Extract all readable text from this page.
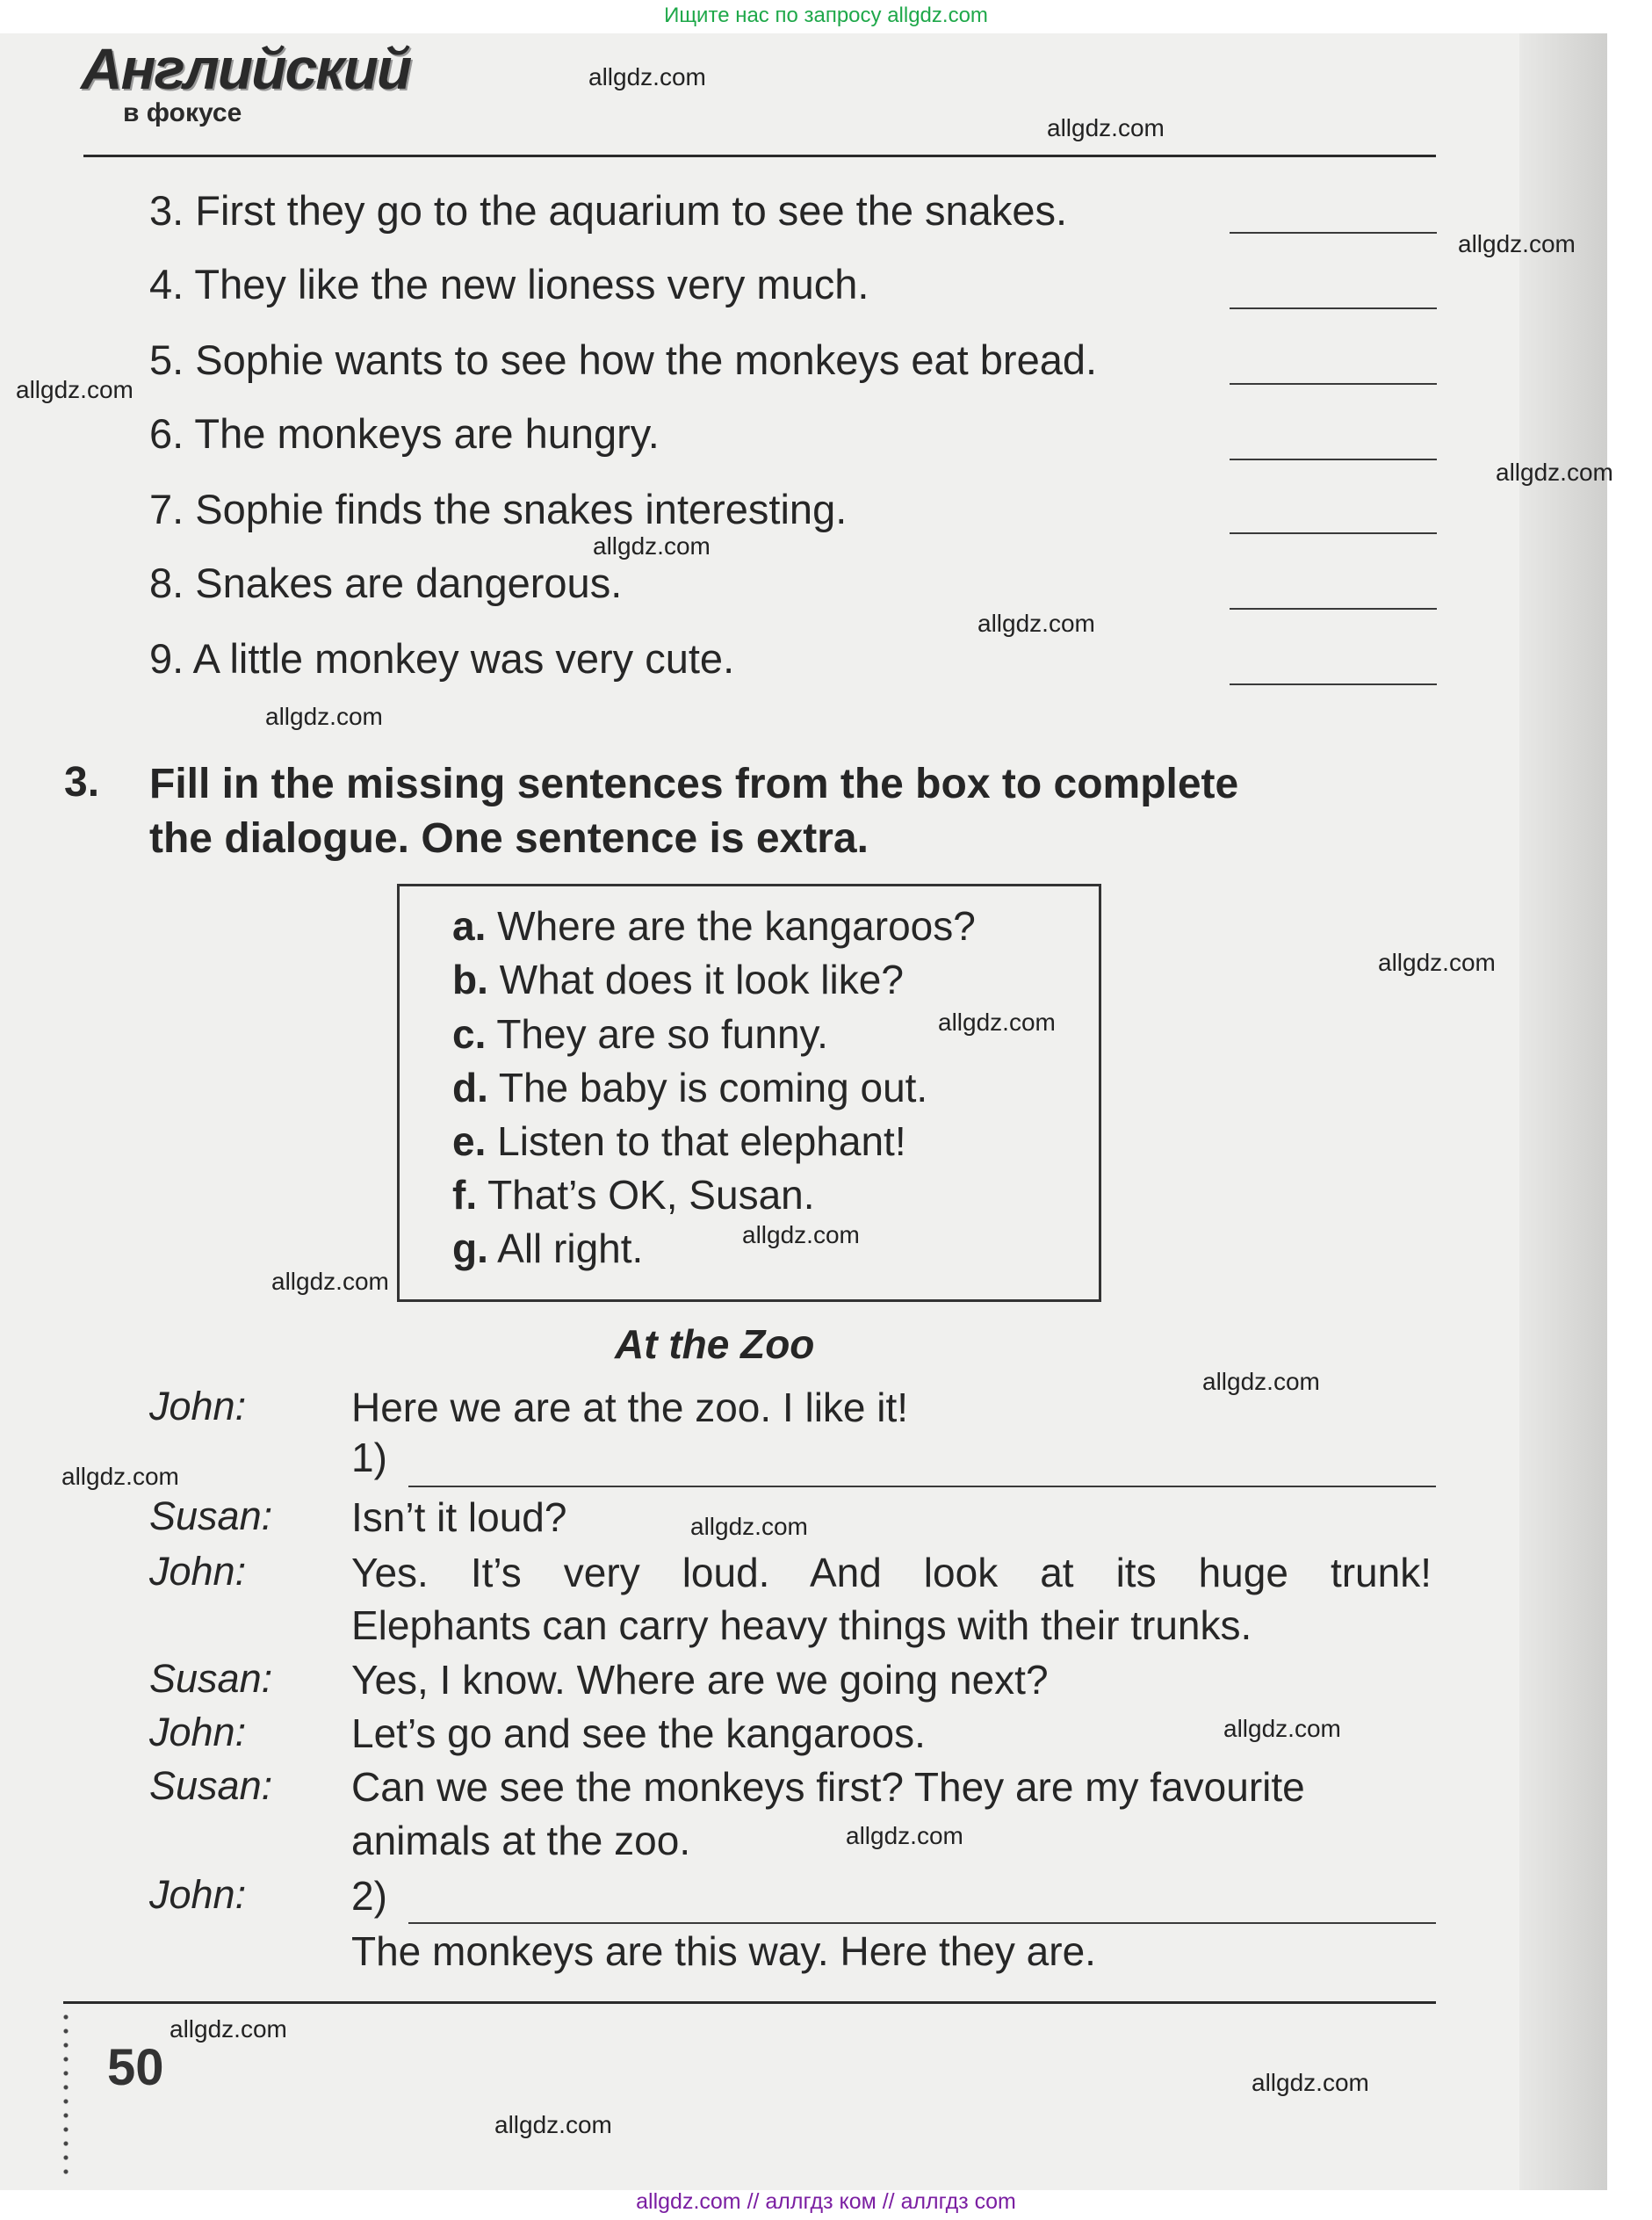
Ищите нас по запросу allgdz.com
Английский
в фокусе
3. First they go to the aquarium to see the snakes.
4. They like the new lioness very much.
5. Sophie wants to see how the monkeys eat bread.
6. The monkeys are hungry.
7. Sophie finds the snakes interesting.
8. Snakes are dangerous.
9. A little monkey was very cute.
3. Fill in the missing sentences from the box to complete
the dialogue. One sentence is extra.
a. Where are the kangaroos?
b. What does it look like?
c. They are so funny.
d. The baby is coming out.
e. Listen to that elephant!
f. That’s OK, Susan.
g. All right.
At the Zoo
John:	Here we are at the zoo. I like it!
1)
Susan: Isn’t it loud?
John:	Yes. It’s very loud. And look at its huge trunk!
Elephants can carry heavy things with their trunks.
Susan: Yes, I know. Where are we going next?
John:	Let’s go and see the kangaroos.
Susan: Can we see the monkeys first? They are my favourite
animals at the zoo.
John:	2)
The monkeys are this way. Here they are.
50
allgdz.com
allgdz.com
allgdz.com
allgdz.com
allgdz.com
allgdz.com
allgdz.com
allgdz.com
allgdz.com
allgdz.com
allgdz.com
allgdz.com
allgdz.com
allgdz.com
allgdz.com
allgdz.com
allgdz.com
allgdz.com
allgdz.com
allgdz.com
allgdz.com // аллгдз ком // аллгдз com
